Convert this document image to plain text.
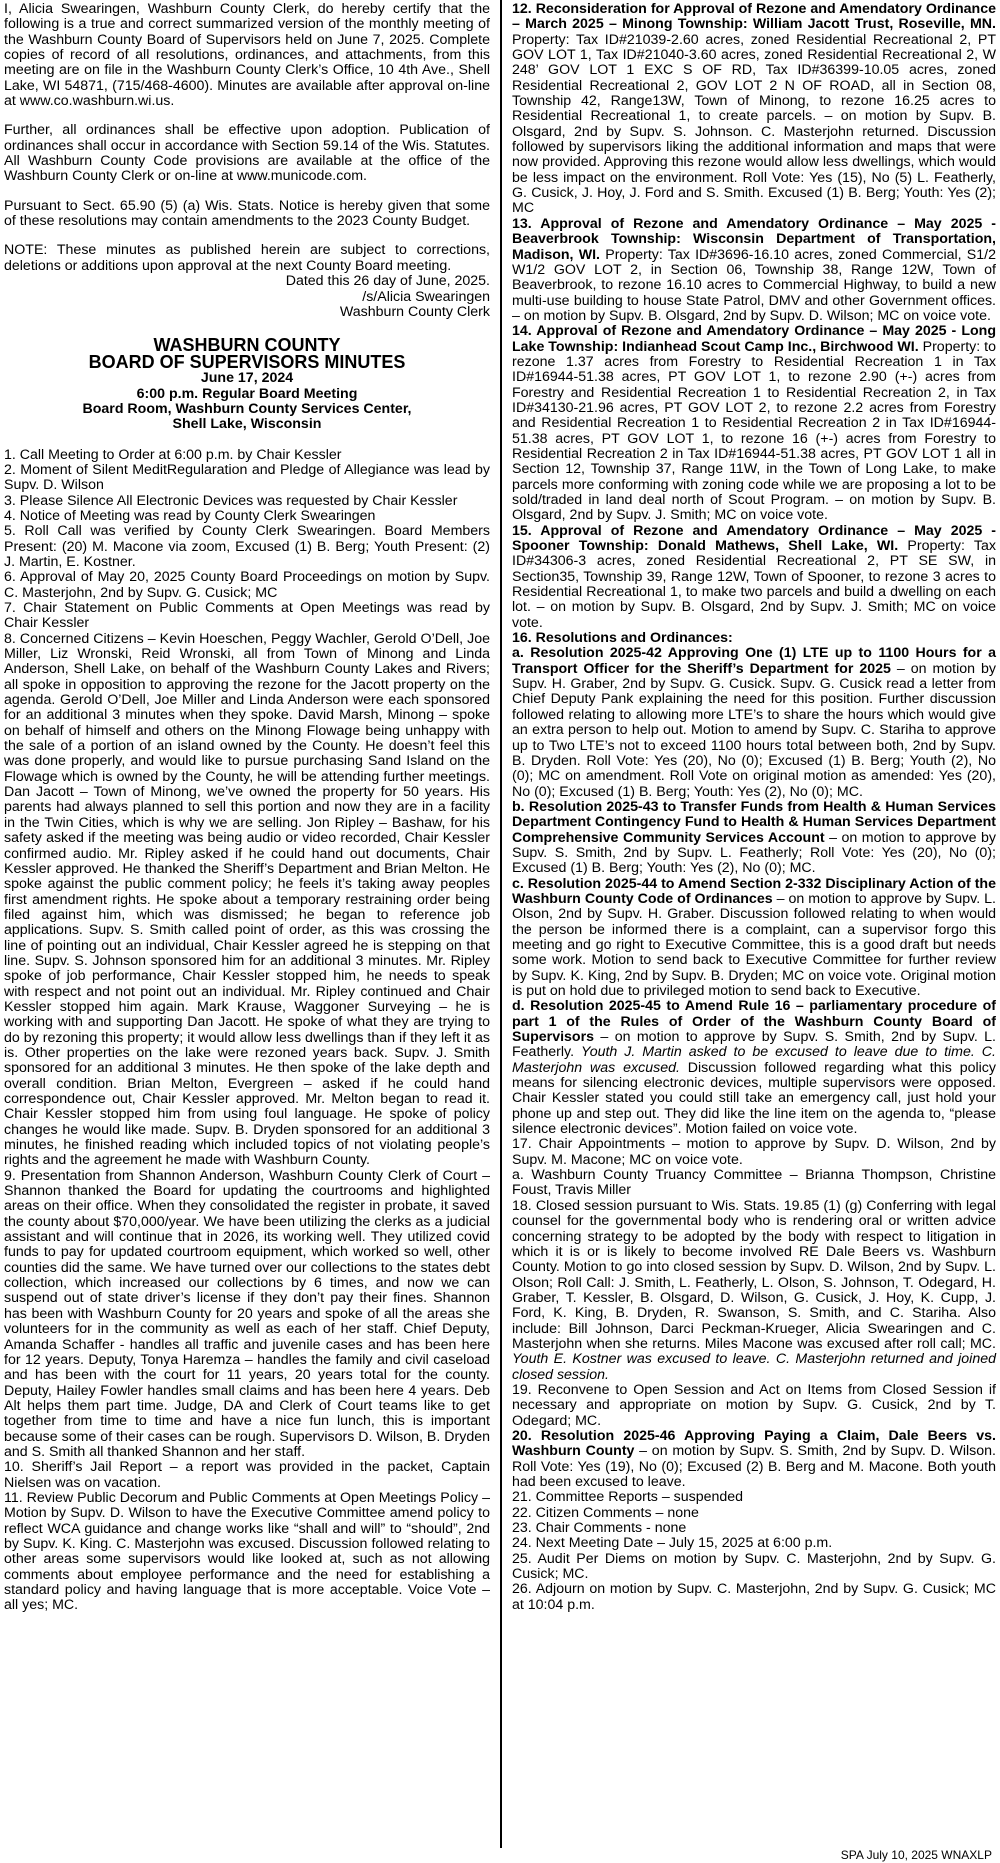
I, Alicia Swearingen, Washburn County Clerk, do hereby certify that the following is a true and correct summarized version of the monthly meeting of the Washburn County Board of Supervisors held on June 7, 2025. Complete copies of record of all resolutions, ordinances, and attachments, from this meeting are on file in the Washburn County Clerk’s Office, 10 4th Ave., Shell Lake, WI 54871, (715/468-4600). Minutes are available after approval on-line at www.co.washburn.wi.us.

Further, all ordinances shall be effective upon adoption. Publication of ordinances shall occur in accordance with Section 59.14 of the Wis. Statutes. All Washburn County Code provisions are available at the office of the Washburn County Clerk or on-line at www.municode.com.

Pursuant to Sect. 65.90 (5) (a) Wis. Stats. Notice is hereby given that some of these resolutions may contain amendments to the 2023 County Budget.

NOTE: These minutes as published herein are subject to corrections, deletions or additions upon approval at the next County Board meeting.

Dated this 26 day of June, 2025.

/s/Alicia Swearingen

Washburn County Clerk

WASHBURN COUNTY

BOARD OF SUPERVISORS MINUTES

June 17, 2024

6:00 p.m. Regular Board Meeting

Board Room, Washburn County Services Center,

Shell Lake, Wisconsin

1. Call Meeting to Order at 6:00 p.m. by Chair Kessler

2. Moment of Silent MeditRegularation and Pledge of Allegiance was lead by Supv. D. Wilson

3. Please Silence All Electronic Devices was requested by Chair Kessler

4. Notice of Meeting was read by County Clerk Swearingen

5. Roll Call was verified by County Clerk Swearingen. Board Members Present: (20) M. Macone via zoom, Excused (1) B. Berg; Youth Present: (2) J. Martin, E. Kostner.

6. Approval of May 20, 2025 County Board Proceedings on motion by Supv. C. Masterjohn, 2nd by Supv. G. Cusick; MC

7. Chair Statement on Public Comments at Open Meetings was read by Chair Kessler

8. Concerned Citizens – Kevin Hoeschen, Peggy Wachler, Gerold O’Dell, Joe Miller, Liz Wronski, Reid Wronski, all from Town of Minong and Linda Anderson, Shell Lake, on behalf of the Washburn County Lakes and Rivers; all spoke in opposition to approving the rezone for the Jacott property on the agenda. Gerold O’Dell, Joe Miller and Linda Anderson were each sponsored for an additional 3 minutes when they spoke. David Marsh, Minong – spoke on behalf of himself and others on the Minong Flowage being unhappy with the sale of a portion of an island owned by the County. He doesn’t feel this was done properly, and would like to pursue purchasing Sand Island on the Flowage which is owned by the County, he will be attending further meetings. Dan Jacott – Town of Minong, we’ve owned the property for 50 years. His parents had always planned to sell this portion and now they are in a facility in the Twin Cities, which is why we are selling. Jon Ripley – Bashaw, for his safety asked if the meeting was being audio or video recorded, Chair Kessler confirmed audio. Mr. Ripley asked if he could hand out documents, Chair Kessler approved. He thanked the Sheriff’s Department and Brian Melton. He spoke against the public comment policy; he feels it’s taking away peoples first amendment rights. He spoke about a temporary restraining order being filed against him, which was dismissed; he began to reference job applications. Supv. S. Smith called point of order, as this was crossing the line of pointing out an individual, Chair Kessler agreed he is stepping on that line. Supv. S. Johnson sponsored him for an additional 3 minutes. Mr. Ripley spoke of job performance, Chair Kessler stopped him, he needs to speak with respect and not point out an individual. Mr. Ripley continued and Chair Kessler stopped him again. Mark Krause, Waggoner Surveying – he is working with and supporting Dan Jacott. He spoke of what they are trying to do by rezoning this property; it would allow less dwellings than if they left it as is. Other properties on the lake were rezoned years back. Supv. J. Smith sponsored for an additional 3 minutes. He then spoke of the lake depth and overall condition. Brian Melton, Evergreen – asked if he could hand correspondence out, Chair Kessler approved. Mr. Melton began to read it. Chair Kessler stopped him from using foul language. He spoke of policy changes he would like made. Supv. B. Dryden sponsored for an additional 3 minutes, he finished reading which included topics of not violating people’s rights and the agreement he made with Washburn County.

9. Presentation from Shannon Anderson, Washburn County Clerk of Court – Shannon thanked the Board for updating the courtrooms and highlighted areas on their office. When they consolidated the register in probate, it saved the county about $70,000/year. We have been utilizing the clerks as a judicial assistant and will continue that in 2026, its working well. They utilized covid funds to pay for updated courtroom equipment, which worked so well, other counties did the same. We have turned over our collections to the states debt collection, which increased our collections by 6 times, and now we can suspend out of state driver’s license if they don’t pay their fines. Shannon has been with Washburn County for 20 years and spoke of all the areas she volunteers for in the community as well as each of her staff. Chief Deputy, Amanda Schaffer - handles all traffic and juvenile cases and has been here for 12 years. Deputy, Tonya Haremza – handles the family and civil caseload and has been with the court for 11 years, 20 years total for the county. Deputy, Hailey Fowler handles small claims and has been here 4 years. Deb Alt helps them part time. Judge, DA and Clerk of Court teams like to get together from time to time and have a nice fun lunch, this is important because some of their cases can be rough. Supervisors D. Wilson, B. Dryden and S. Smith all thanked Shannon and her staff.

10. Sheriff’s Jail Report – a report was provided in the packet, Captain Nielsen was on vacation.

11. Review Public Decorum and Public Comments at Open Meetings Policy – Motion by Supv. D. Wilson to have the Executive Committee amend policy to reflect WCA guidance and change works like “shall and will” to “should”, 2nd by Supv. K. King. C. Masterjohn was excused. Discussion followed relating to other areas some supervisors would like looked at, such as not allowing comments about employee performance and the need for establishing a standard policy and having language that is more acceptable. Voice Vote – all yes; MC.

12. Reconsideration for Approval of Rezone and Amendatory Ordinance – March 2025 – Minong Township: William Jacott Trust, Roseville, MN. Property: Tax ID#21039-2.60 acres, zoned Residential Recreational 2, PT GOV LOT 1, Tax ID#21040-3.60 acres, zoned Residential Recreational 2, W 248’ GOV LOT 1 EXC S OF RD, Tax ID#36399-10.05 acres, zoned Residential Recreational 2, GOV LOT 2 N OF ROAD, all in Section 08, Township 42, Range13W, Town of Minong, to rezone 16.25 acres to Residential Recreational 1, to create parcels. – on motion by Supv. B. Olsgard, 2nd by Supv. S. Johnson. C. Masterjohn returned. Discussion followed by supervisors liking the additional information and maps that were now provided. Approving this rezone would allow less dwellings, which would be less impact on the environment. Roll Vote: Yes (15), No (5) L. Featherly, G. Cusick, J. Hoy, J. Ford and S. Smith. Excused (1) B. Berg; Youth: Yes (2); MC

13. Approval of Rezone and Amendatory Ordinance – May 2025 - Beaverbrook Township: Wisconsin Department of Transportation, Madison, WI. Property: Tax ID#3696-16.10 acres, zoned Commercial, S1/2 W1/2 GOV LOT 2, in Section 06, Township 38, Range 12W, Town of Beaverbrook, to rezone 16.10 acres to Commercial Highway, to build a new multi-use building to house State Patrol, DMV and other Government offices. – on motion by Supv. B. Olsgard, 2nd by Supv. D. Wilson; MC on voice vote.

14. Approval of Rezone and Amendatory Ordinance – May 2025 - Long Lake Township: Indianhead Scout Camp Inc., Birchwood WI. Property: to rezone 1.37 acres from Forestry to Residential Recreation 1 in Tax ID#16944-51.38 acres, PT GOV LOT 1, to rezone 2.90 (+-) acres from Forestry and Residential Recreation 1 to Residential Recreation 2, in Tax ID#34130-21.96 acres, PT GOV LOT 2, to rezone 2.2 acres from Forestry and Residential Recreation 1 to Residential Recreation 2 in Tax ID#16944-51.38 acres, PT GOV LOT 1, to rezone 16 (+-) acres from Forestry to Residential Recreation 2 in Tax ID#16944-51.38 acres, PT GOV LOT 1 all in Section 12, Township 37, Range 11W, in the Town of Long Lake, to make parcels more conforming with zoning code while we are proposing a lot to be sold/traded in land deal north of Scout Program. – on motion by Supv. B. Olsgard, 2nd by Supv. J. Smith; MC on voice vote.

15. Approval of Rezone and Amendatory Ordinance – May 2025 - Spooner Township: Donald Mathews, Shell Lake, WI. Property: Tax ID#34306-3 acres, zoned Residential Recreational 2, PT SE SW, in Section35, Township 39, Range 12W, Town of Spooner, to rezone 3 acres to Residential Recreational 1, to make two parcels and build a dwelling on each lot. – on motion by Supv. B. Olsgard, 2nd by Supv. J. Smith; MC on voice vote.

16. Resolutions and Ordinances:

a. Resolution 2025-42 Approving One (1) LTE up to 1100 Hours for a Transport Officer for the Sheriff’s Department for 2025 – on motion by Supv. H. Graber, 2nd by Supv. G. Cusick. Supv. G. Cusick read a letter from Chief Deputy Pank explaining the need for this position. Further discussion followed relating to allowing more LTE’s to share the hours which would give an extra person to help out. Motion to amend by Supv. C. Stariha to approve up to Two LTE’s not to exceed 1100 hours total between both, 2nd by Supv. B. Dryden. Roll Vote: Yes (20), No (0); Excused (1) B. Berg; Youth (2), No (0); MC on amendment. Roll Vote on original motion as amended: Yes (20), No (0); Excused (1) B. Berg; Youth: Yes (2), No (0); MC.

b. Resolution 2025-43 to Transfer Funds from Health & Human Services Department Contingency Fund to Health & Human Services Department Comprehensive Community Services Account – on motion to approve by Supv. S. Smith, 2nd by Supv. L. Featherly; Roll Vote: Yes (20), No (0); Excused (1) B. Berg; Youth: Yes (2), No (0); MC.

c. Resolution 2025-44 to Amend Section 2-332 Disciplinary Action of the Washburn County Code of Ordinances – on motion to approve by Supv. L. Olson, 2nd by Supv. H. Graber. Discussion followed relating to when would the person be informed there is a complaint, can a supervisor forgo this meeting and go right to Executive Committee, this is a good draft but needs some work. Motion to send back to Executive Committee for further review by Supv. K. King, 2nd by Supv. B. Dryden; MC on voice vote. Original motion is put on hold due to privileged motion to send back to Executive.

d. Resolution 2025-45 to Amend Rule 16 – parliamentary procedure of part 1 of the Rules of Order of the Washburn County Board of Supervisors – on motion to approve by Supv. S. Smith, 2nd by Supv. L. Featherly. Youth J. Martin asked to be excused to leave due to time. C. Masterjohn was excused. Discussion followed regarding what this policy means for silencing electronic devices, multiple supervisors were opposed. Chair Kessler stated you could still take an emergency call, just hold your phone up and step out. They did like the line item on the agenda to, “please silence electronic devices”. Motion failed on voice vote.

17. Chair Appointments – motion to approve by Supv. D. Wilson, 2nd by Supv. M. Macone; MC on voice vote.

a. Washburn County Truancy Committee – Brianna Thompson, Christine Foust, Travis Miller

18. Closed session pursuant to Wis. Stats. 19.85 (1) (g) Conferring with legal counsel for the governmental body who is rendering oral or written advice concerning strategy to be adopted by the body with respect to litigation in which it is or is likely to become involved RE Dale Beers vs. Washburn County. Motion to go into closed session by Supv. D. Wilson, 2nd by Supv. L. Olson; Roll Call: J. Smith, L. Featherly, L. Olson, S. Johnson, T. Odegard, H. Graber, T. Kessler, B. Olsgard, D. Wilson, G. Cusick, J. Hoy, K. Cupp, J. Ford, K. King, B. Dryden, R. Swanson, S. Smith, and C. Stariha. Also include: Bill Johnson, Darci Peckman-Krueger, Alicia Swearingen and C. Masterjohn when she returns. Miles Macone was excused after roll call; MC. Youth E. Kostner was excused to leave. C. Masterjohn returned and joined closed session.

19. Reconvene to Open Session and Act on Items from Closed Session if necessary and appropriate on motion by Supv. G. Cusick, 2nd by T. Odegard; MC.

20. Resolution 2025-46 Approving Paying a Claim, Dale Beers vs. Washburn County – on motion by Supv. S. Smith, 2nd by Supv. D. Wilson. Roll Vote: Yes (19), No (0); Excused (2) B. Berg and M. Macone. Both youth had been excused to leave.

21. Committee Reports – suspended

22. Citizen Comments – none

23. Chair Comments - none

24. Next Meeting Date – July 15, 2025 at 6:00 p.m.

25. Audit Per Diems on motion by Supv. C. Masterjohn, 2nd by Supv. G. Cusick; MC.

26. Adjourn on motion by Supv. C. Masterjohn, 2nd by Supv. G. Cusick; MC at 10:04 p.m.

SPA July 10, 2025 WNAXLP
